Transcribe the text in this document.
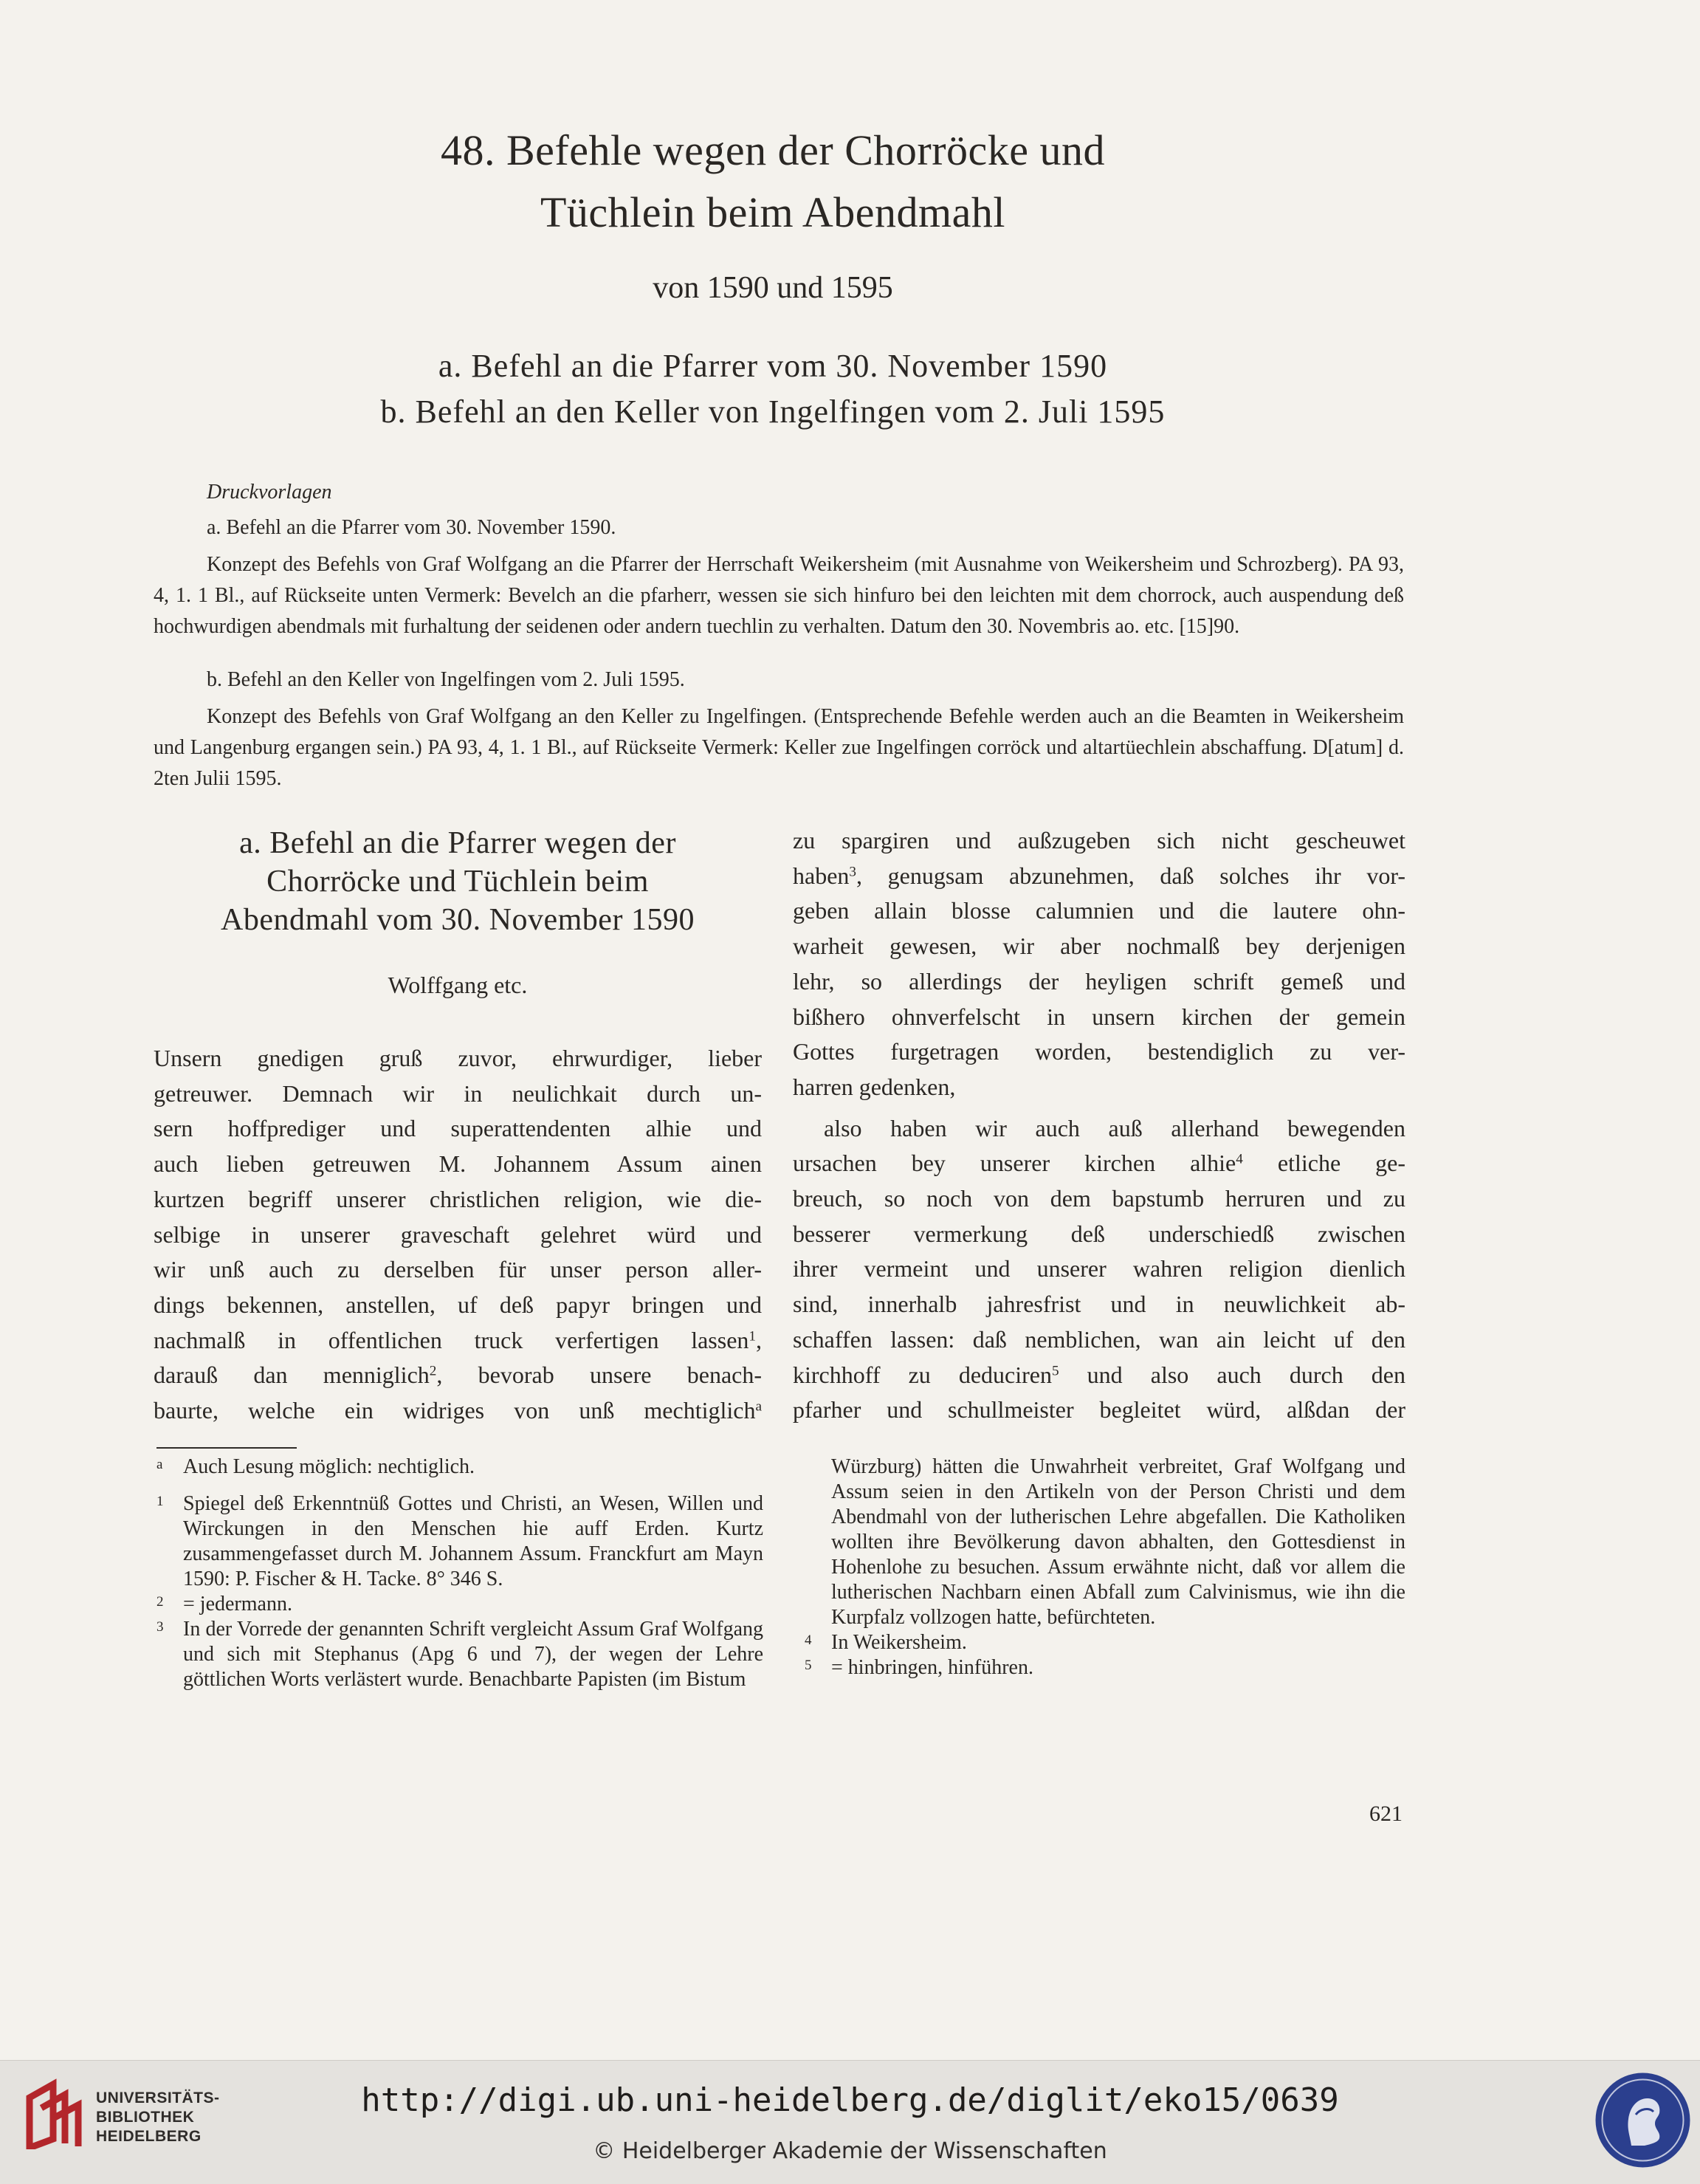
48. Befehle wegen der Chorröcke und
Tüchlein beim Abendmahl
von 1590 und 1595
a. Befehl an die Pfarrer vom 30. November 1590
b. Befehl an den Keller von Ingelfingen vom 2. Juli 1595
Druckvorlagen

a. Befehl an die Pfarrer vom 30. November 1590.

Konzept des Befehls von Graf Wolfgang an die Pfarrer der Herrschaft Weikersheim (mit Ausnahme von Weikersheim und Schrozberg). PA 93, 4, 1. 1 Bl., auf Rückseite unten Vermerk: Bevelch an die pfarherr, wessen sie sich hinfuro bei den leichten mit dem chorrock, auch auspendung deß hochwurdigen abendmals mit furhaltung der seidenen oder andern tuechlin zu verhalten. Datum den 30. Novembris ao. etc. [15]90.

b. Befehl an den Keller von Ingelfingen vom 2. Juli 1595.

Konzept des Befehls von Graf Wolfgang an den Keller zu Ingelfingen. (Entsprechende Befehle werden auch an die Beamten in Weikersheim und Langenburg ergangen sein.) PA 93, 4, 1. 1 Bl., auf Rückseite Vermerk: Keller zue Ingelfingen corröck und altartüechlein abschaffung. D[atum] d. 2ten Julii 1595.

a. Befehl an die Pfarrer wegen der
Chorröcke und Tüchlein beim
Abendmahl vom 30. November 1590
Wolffgang etc.

Unsern gnedigen gruß zuvor, ehrwurdiger, lieber

getreuwer. Demnach wir in neulichkait durch un-

sern hoffprediger und superattendenten alhie und

auch lieben getreuwen M. Johannem Assum ainen

kurtzen begriff unserer christlichen religion, wie die-

selbige in unserer graveschaft gelehret würd und

wir unß auch zu derselben für unser person aller-

dings bekennen, anstellen, uf deß papyr bringen und

nachmalß in offentlichen truck verfertigen lassen$^1$,

darauß dan menniglich$^2$, bevorab unsere benach-

baurte, welche ein widriges von unß mechtiglich$^a$

zu spargiren und außzugeben sich nicht gescheuwet

haben$^3$, genugsam abzunehmen, daß solches ihr vor-

geben allain blosse calumnien und die lautere ohn-

warheit gewesen, wir aber nochmalß bey derjenigen

lehr, so allerdings der heyligen schrift gemeß und

bißhero ohnverfelscht in unsern kirchen der gemein

Gottes furgetragen worden, bestendiglich zu ver-

harren gedenken,

also haben wir auch auß allerhand bewegenden

ursachen bey unserer kirchen alhie$^4$ etliche ge-

breuch, so noch von dem bapstumb herruren und zu

besserer vermerkung deß underschiedß zwischen

ihrer vermeint und unserer wahren religion dienlich

sind, innerhalb jahresfrist und in neuwlichkeit ab-

schaffen lassen: daß nemblichen, wan ain leicht uf den

kirchhoff zu deduciren$^5$ und also auch durch den

pfarher und schullmeister begleitet würd, alßdan der

a Auch Lesung möglich: nechtiglich.
1 Spiegel deß Erkenntnüß Gottes und Christi, an Wesen, Willen und Wirckungen in den Menschen hie auff Erden. Kurtz zusammengefasset durch M. Johannem Assum. Franckfurt am Mayn 1590: P. Fischer & H. Tacke. 8° 346 S.
2 = jedermann.
3 In der Vorrede der genannten Schrift vergleicht Assum Graf Wolfgang und sich mit Stephanus (Apg 6 und 7), der wegen der Lehre göttlichen Worts verlästert wurde. Benachbarte Papisten (im Bistum
Würzburg) hätten die Unwahrheit verbreitet, Graf Wolfgang und Assum seien in den Artikeln von der Person Christi und dem Abendmahl von der lutherischen Lehre abgefallen. Die Katholiken wollten ihre Bevölkerung davon abhalten, den Gottesdienst in Hohenlohe zu besuchen. Assum erwähnte nicht, daß vor allem die lutherischen Nachbarn einen Abfall zum Calvinismus, wie ihn die Kurpfalz vollzogen hatte, befürchteten.
4 In Weikersheim.
5 = hinbringen, hinführen.
621
UNIVERSITÄTS-
BIBLIOTHEK
HEIDELBERG
http://digi.ub.uni-heidelberg.de/diglit/eko15/0639
© Heidelberger Akademie der Wissenschaften
